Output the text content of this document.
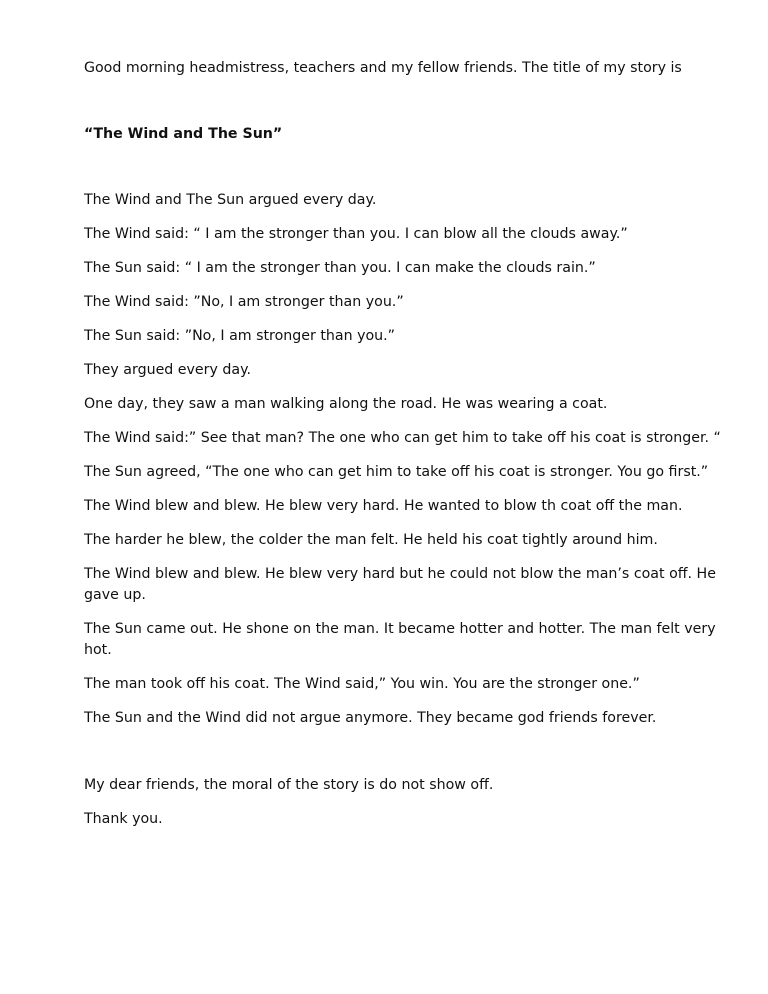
Good morning headmistress, teachers and my fellow friends. The title of my story is

“The Wind and The Sun”

The Wind and The Sun argued every day.

The Wind said: “ I am the stronger than you. I can blow all the clouds away.”

The Sun said: “ I am the stronger than you. I can make the clouds rain.”

The Wind said: ”No, I am stronger than you.”

The Sun said: ”No, I am stronger than you.”

They argued every day.

One day, they saw a man walking along the road. He was wearing a coat.

The Wind said:” See that man? The one who can get him to take off his coat is stronger. “

The Sun agreed, “The one who can get him to take off his coat is stronger. You go first.”

The Wind blew and blew. He blew very hard. He wanted to blow th coat off the man.

The harder he blew, the colder the man felt. He held his coat tightly around him.

The Wind blew and blew. He blew very hard but he could not blow the man’s coat off. He gave up.

The Sun came out. He shone on the man. It became hotter and hotter. The man felt very hot.

The man took off his coat. The Wind said,” You win. You are the stronger one.”

The Sun and the Wind did not argue anymore. They became god friends forever.

My dear friends, the moral of the story is do not show off.

Thank you.
